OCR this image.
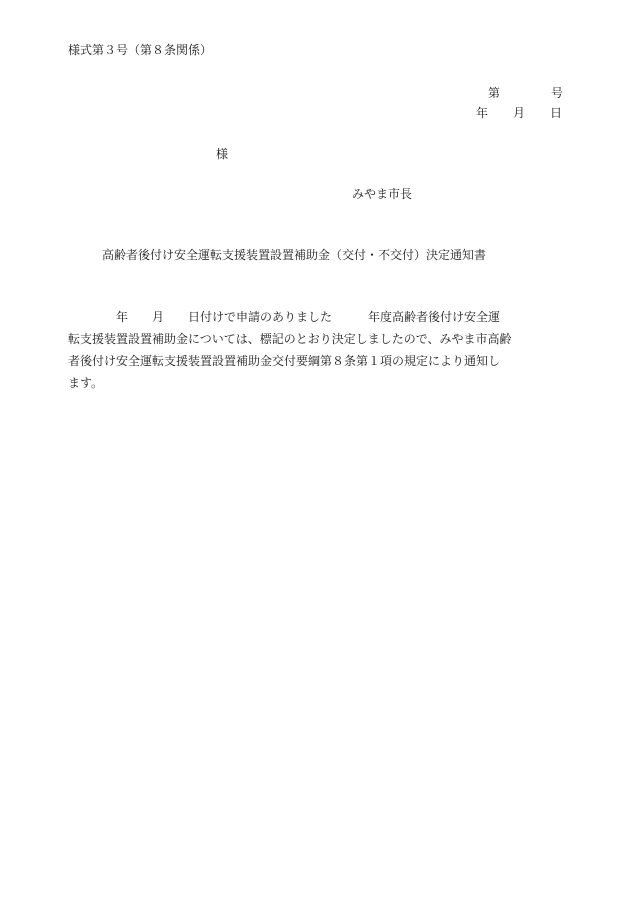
様式第３号（第８条関係）
第	号
年 月 日
様
みやま市長
高齢者後付け安全運転支援装置設置補助金（交付・不交付）決定通知書
　　　　年　　月　　日付けで申請のありました　　　年度高齢者後付け安全運
転支援装置設置補助金については、標記のとおり決定しましたので、みやま市高齢
者後付け安全運転支援装置設置補助金交付要綱第８条第１項の規定により通知し
ます。
